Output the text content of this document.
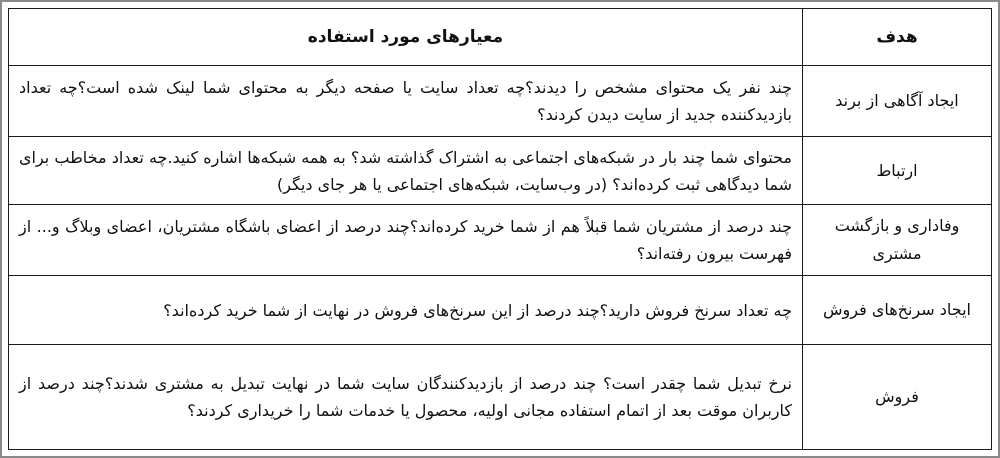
هدف	معیارهای مورد استفاده
ایجاد آگاهی از برند	چند نفر یک محتوای مشخص را دیدند؟چه تعداد سایت یا صفحه دیگر به محتوای شما لینک شده است؟چه تعداد بازدیدکننده جدید از سایت دیدن کردند؟
ارتباط	محتوای شما چند بار در شبکه‌های اجتماعی به اشتراک گذاشته شد؟ به همه شبکه‌ها اشاره کنید.چه تعداد مخاطب برای شما دیدگاهی ثبت کرده‌اند؟ (در وب‌سایت، شبکه‌های اجتماعی یا هر جای دیگر)
وفاداری و بازگشت مشتری	چند درصد از مشتریان شما قبلاً هم از شما خرید کرده‌اند؟چند درصد از اعضای باشگاه مشتریان، اعضای وبلاگ و... از فهرست بیرون رفته‌اند؟
ایجاد سرنخ‌های فروش	چه تعداد سرنخ فروش دارید؟چند درصد از این سرنخ‌های فروش در نهایت از شما خرید کرده‌اند؟
فروش	نرخ تبدیل شما چقدر است؟ چند درصد از بازدیدکنندگان سایت شما در نهایت تبدیل به مشتری شدند؟چند درصد از کاربران موقت بعد از اتمام استفاده مجانی اولیه، محصول یا خدمات شما را خریداری کردند؟
